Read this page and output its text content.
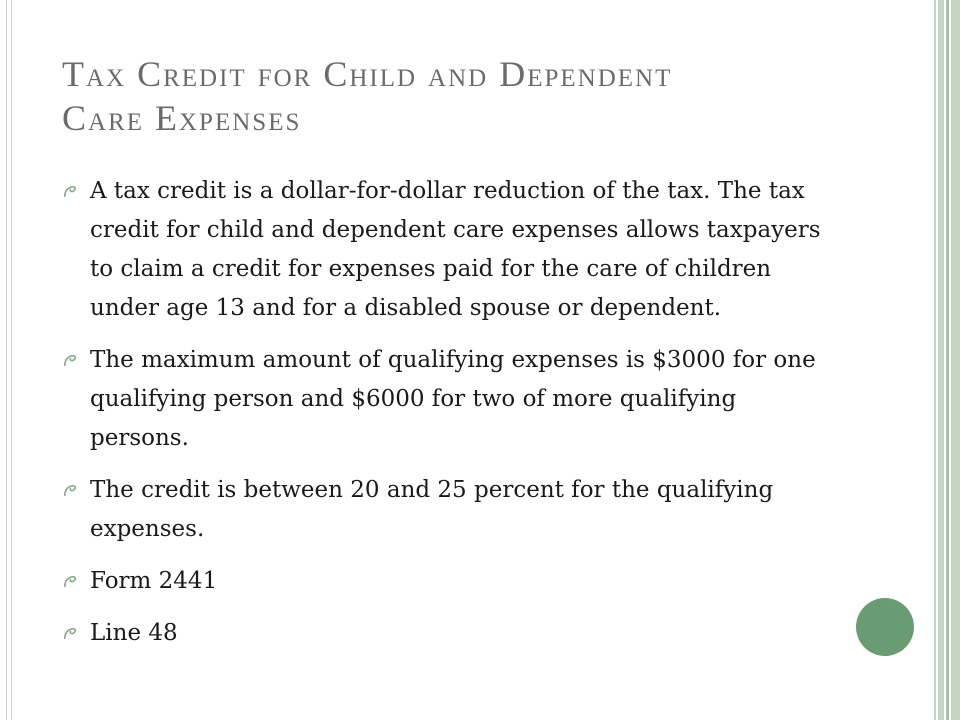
Tax Credit for Child and Dependent
Care Expenses
A tax credit is a dollar-for-dollar reduction of the tax. The tax credit for child and dependent care expenses allows taxpayers to claim a credit for expenses paid for the care of children under age 13 and for a disabled spouse or dependent.
The maximum amount of qualifying expenses is $3000 for one qualifying person and $6000 for two of more qualifying persons.
The credit is between 20 and 25 percent for the qualifying expenses.
Form 2441
Line 48
